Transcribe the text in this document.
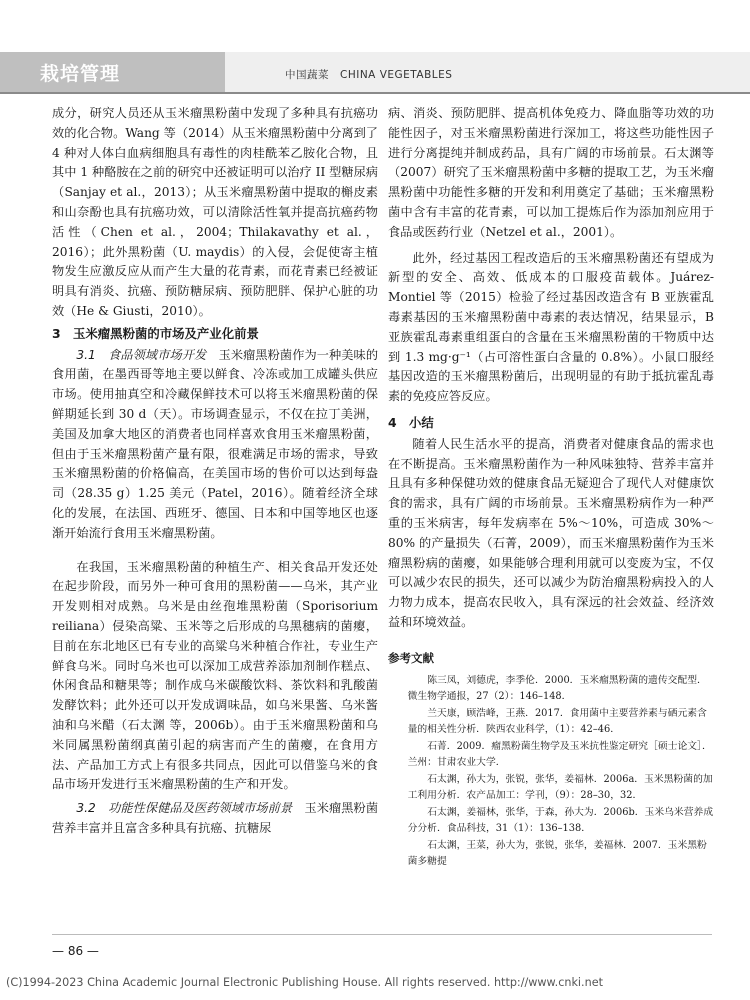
栽培管理	中国蔬菜　CHINA VEGETABLES

成分，研究人员还从玉米瘤黑粉菌中发现了多种具有抗癌功效的化合物。Wang 等（2014）从玉米瘤黑粉菌中分离到了 4 种对人体白血病细胞具有毒性的肉桂酰苯乙胺化合物，且其中 1 种酪胺在之前的研究中还被证明可以治疗 II 型糖尿病（Sanjay et al.，2013）；从玉米瘤黑粉菌中提取的槲皮素和山奈酚也具有抗癌功效，可以清除活性氧并提高抗癌药物活性（Chen et al.，2004；Thilakavathy et al.，2016）；此外黑粉菌（U. maydis）的入侵，会促使寄主植物发生应激反应从而产生大量的花青素，而花青素已经被证明具有消炎、抗癌、预防糖尿病、预防肥胖、保护心脏的功效（He & Giusti，2010）。

3　玉米瘤黑粉菌的市场及产业化前景

3.1　食品领域市场开发　 玉米瘤黑粉菌作为一种美味的食用菌，在墨西哥等地主要以鲜食、冷冻或加工成罐头供应市场。使用抽真空和冷藏保鲜技术可以将玉米瘤黑粉菌的保鲜期延长到 30 d（天）。市场调查显示，不仅在拉丁美洲，美国及加拿大地区的消费者也同样喜欢食用玉米瘤黑粉菌，但由于玉米瘤黑粉菌产量有限，很难满足市场的需求，导致玉米瘤黑粉菌的价格偏高，在美国市场的售价可以达到每盎司（28.35 g）1.25 美元（Patel，2016）。随着经济全球化的发展，在法国、西班牙、德国、日本和中国等地区也逐渐开始流行食用玉米瘤黑粉菌。

在我国，玉米瘤黑粉菌的种植生产、相关食品开发还处在起步阶段，而另外一种可食用的黑粉菌——乌米，其产业开发则相对成熟。乌米是由丝孢堆黑粉菌（Sporisorium reiliana）侵染高粱、玉米等之后形成的乌黑穗病的菌瘿，目前在东北地区已有专业的高粱乌米种植合作社，专业生产鲜食乌米。同时乌米也可以深加工成营养添加剂制作糕点、休闲食品和糖果等；制作成乌米碳酸饮料、茶饮料和乳酸菌发酵饮料；此外还可以开发成调味品，如乌米果酱、乌米酱油和乌米醋（石太渊 等，2006b）。由于玉米瘤黑粉菌和乌米同属黑粉菌纲真菌引起的病害而产生的菌瘿，在食用方法、产品加工方式上有很多共同点，因此可以借鉴乌米的食品市场开发进行玉米瘤黑粉菌的生产和开发。

3.2　功能性保健品及医药领域市场前景　 玉米瘤黑粉菌营养丰富并且富含多种具有抗癌、抗糖尿

病、消炎、预防肥胖、提高机体免疫力、降血脂等功效的功能性因子，对玉米瘤黑粉菌进行深加工，将这些功能性因子进行分离提纯并制成药品，具有广阔的市场前景。石太渊等（2007）研究了玉米瘤黑粉菌中多糖的提取工艺，为玉米瘤黑粉菌中功能性多糖的开发和利用奠定了基础；玉米瘤黑粉菌中含有丰富的花青素，可以加工提炼后作为添加剂应用于食品或医药行业（Netzel et al.，2001）。

此外，经过基因工程改造后的玉米瘤黑粉菌还有望成为新型的安全、高效、低成本的口服疫苗载体。Juárez-Montiel 等（2015）检验了经过基因改造含有 B 亚族霍乱毒素基因的玉米瘤黑粉菌中毒素的表达情况，结果显示，B 亚族霍乱毒素重组蛋白的含量在玉米瘤黑粉菌的干物质中达到 1.3 mg·g⁻¹（占可溶性蛋白含量的 0.8%）。小鼠口服经基因改造的玉米瘤黑粉菌后，出现明显的有助于抵抗霍乱毒素的免疫应答反应。

4　小结

随着人民生活水平的提高，消费者对健康食品的需求也在不断提高。玉米瘤黑粉菌作为一种风味独特、营养丰富并且具有多种保健功效的健康食品无疑迎合了现代人对健康饮食的需求，具有广阔的市场前景。玉米瘤黑粉病作为一种严重的玉米病害，每年发病率在 5%～10%，可造成 30%～80% 的产量损失（石菁，2009），而玉米瘤黑粉菌作为玉米瘤黑粉病的菌瘿，如果能够合理利用就可以变废为宝，不仅可以减少农民的损失，还可以减少为防治瘤黑粉病投入的人力物力成本，提高农民收入，具有深远的社会效益、经济效益和环境效益。

参考文献

陈三凤，刘德虎，李季伦．2000．玉米瘤黑粉菌的遗传交配型．微生物学通报，27（2）：146–148．

兰天康，顾浩峰，王燕．2017．食用菌中主要营养素与硒元素含量的相关性分析．陕西农业科学，（1）：42–46．

石菁．2009．瘤黑粉菌生物学及玉米抗性鉴定研究［硕士论文］．兰州：甘肃农业大学．

石太渊，孙大为，张锐，张华，姜福林．2006a．玉米黑粉菌的加工利用分析．农产品加工：学刊，（9）：28–30，32．

石太渊，姜福林，张华，于森，孙大为．2006b．玉米乌米营养成分分析．食品科技，31（1）：136–138．

石太渊，王菜，孙大为，张锐，张华，姜福林．2007．玉米黑粉菌多糖提

— 86 —
(C)1994-2023 China Academic Journal Electronic Publishing House. All rights reserved. http://www.cnki.net
